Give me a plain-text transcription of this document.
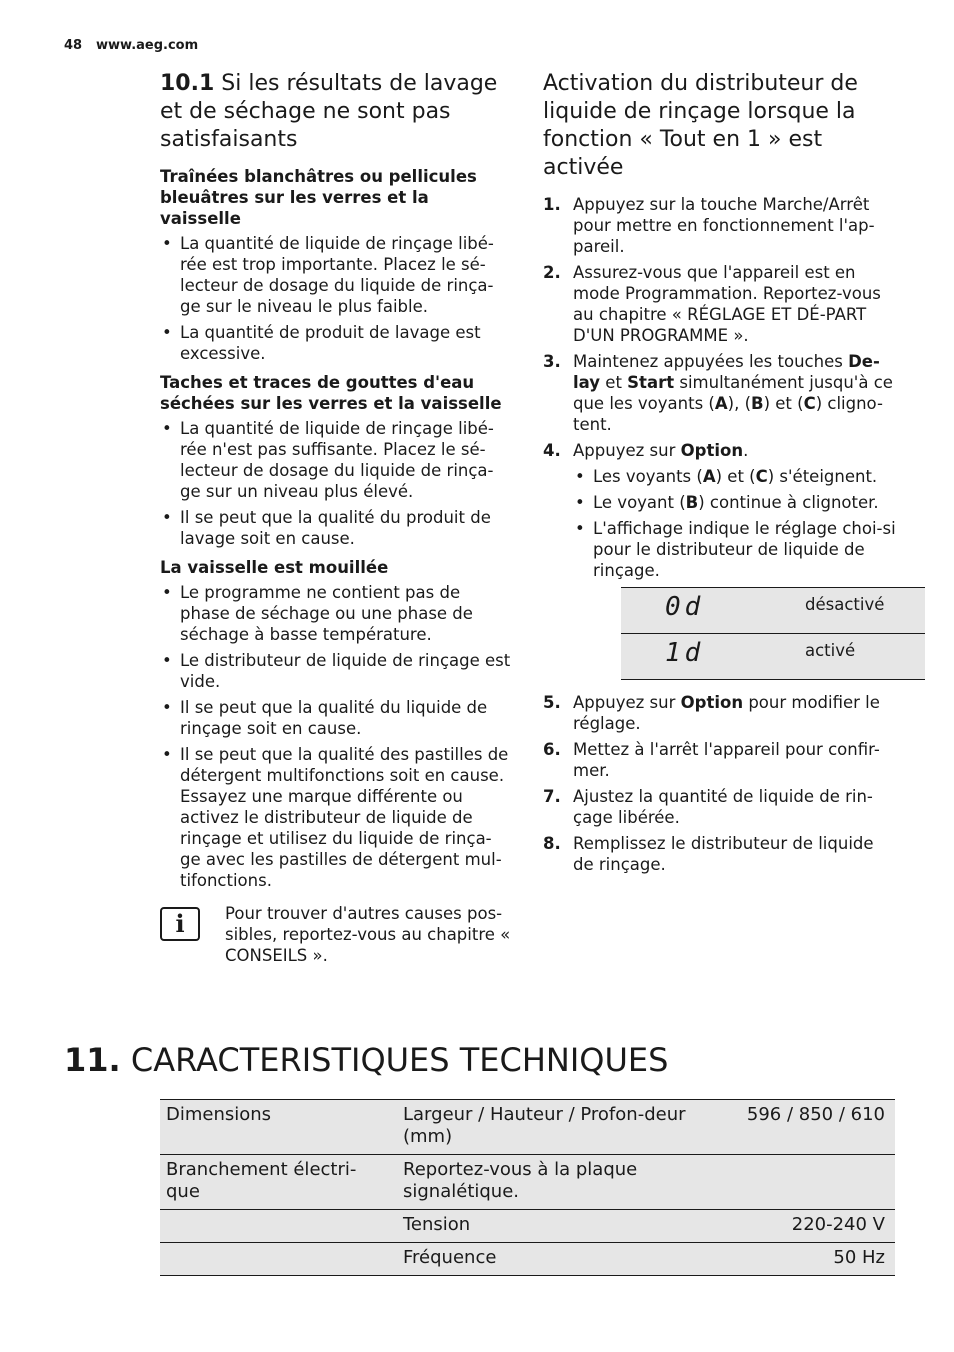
48 www.aeg.com
10.1 Si les résultats de lavage et de séchage ne sont pas satisfaisants
Traînées blanchâtres ou pellicules bleuâtres sur les verres et la vaisselle
• La quantité de liquide de rinçage libé-rée est trop importante. Placez le sé-lecteur de dosage du liquide de rinça-ge sur le niveau le plus faible.
• La quantité de produit de lavage est excessive.
Taches et traces de gouttes d'eau séchées sur les verres et la vaisselle
• La quantité de liquide de rinçage libé-rée n'est pas suffisante. Placez le sé-lecteur de dosage du liquide de rinça-ge sur un niveau plus élevé.
• Il se peut que la qualité du produit de lavage soit en cause.
La vaisselle est mouillée
• Le programme ne contient pas de phase de séchage ou une phase de séchage à basse température.
• Le distributeur de liquide de rinçage est vide.
• Il se peut que la qualité du liquide de rinçage soit en cause.
• Il se peut que la qualité des pastilles de détergent multifonctions soit en cause. Essayez une marque différente ou activez le distributeur de liquide de rinçage et utilisez du liquide de rinça-ge avec les pastilles de détergent mul-tifonctions.
i	Pour trouver d'autres causes pos-sibles, reportez-vous au chapitre « CONSEILS ».
Activation du distributeur de liquide de rinçage lorsque la fonction « Tout en 1 » est activée
1. Appuyez sur la touche Marche/Arrêt pour mettre en fonctionnement l'ap-pareil.
2. Assurez-vous que l'appareil est en mode Programmation. Reportez-vous au chapitre « RÉGLAGE ET DÉ-PART D'UN PROGRAMME ».
3. Maintenez appuyées les touches De-lay et Start simultanément jusqu'à ce que les voyants (A), (B) et (C) cligno-tent.
4. Appuyez sur Option.
• Les voyants (A) et (C) s'éteignent.
• Le voyant (B) continue à clignoter.
• L'affichage indique le réglage choi-si pour le distributeur de liquide de rinçage.
0d	désactivé
1d	activé
5. Appuyez sur Option pour modifier le réglage.
6. Mettez à l'arrêt l'appareil pour confir-mer.
7. Ajustez la quantité de liquide de rin-çage libérée.
8. Remplissez le distributeur de liquide de rinçage.
11. CARACTERISTIQUES TECHNIQUES
Dimensions	Largeur / Hauteur / Profon-deur (mm)	596 / 850 / 610
Branchement électri-que	Reportez-vous à la plaque signalétique.	
	Tension	220-240 V
	Fréquence	50 Hz
